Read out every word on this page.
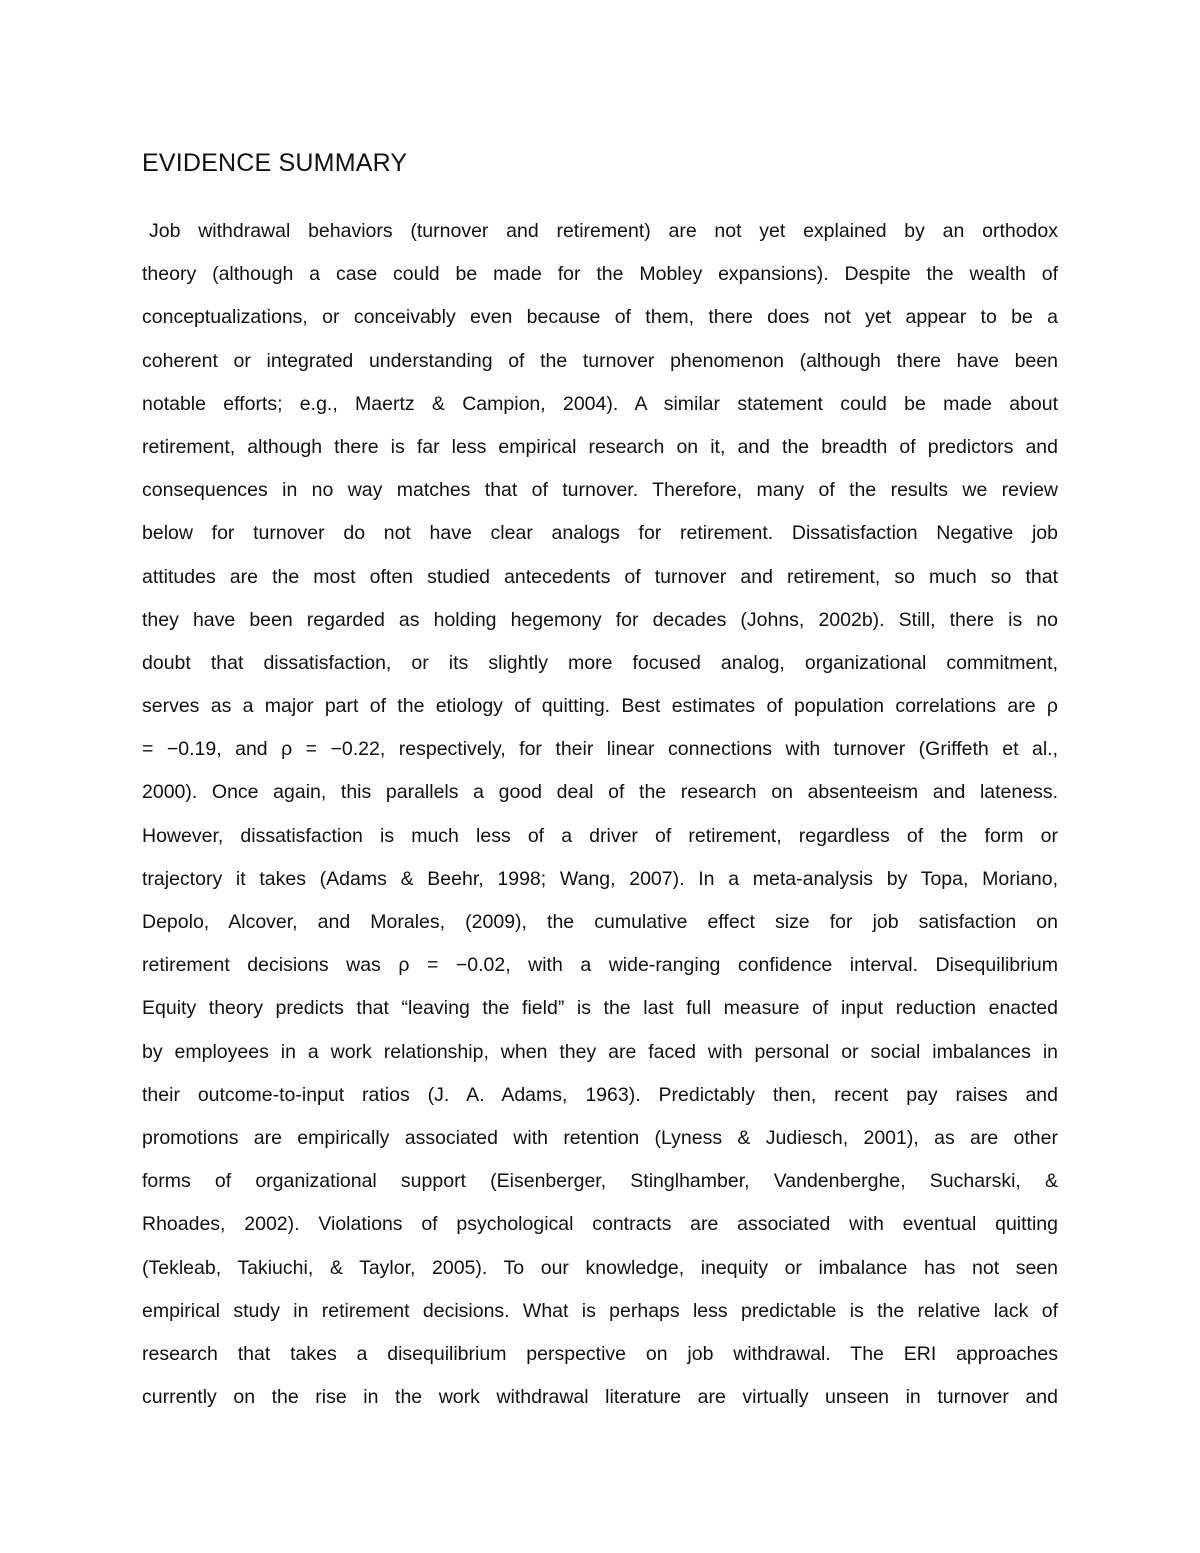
EVIDENCE SUMMARY
Job withdrawal behaviors (turnover and retirement) are not yet explained by an orthodox
theory (although a case could be made for the Mobley expansions). Despite the wealth of
conceptualizations, or conceivably even because of them, there does not yet appear to be a
coherent or integrated understanding of the turnover phenomenon (although there have been
notable efforts; e.g., Maertz & Campion, 2004). A similar statement could be made about
retirement, although there is far less empirical research on it, and the breadth of predictors and
consequences in no way matches that of turnover. Therefore, many of the results we review
below for turnover do not have clear analogs for retirement. Dissatisfaction Negative job
attitudes are the most often studied antecedents of turnover and retirement, so much so that
they have been regarded as holding hegemony for decades (Johns, 2002b). Still, there is no
doubt that dissatisfaction, or its slightly more focused analog, organizational commitment,
serves as a major part of the etiology of quitting. Best estimates of population correlations are ρ
= −0.19, and ρ = −0.22, respectively, for their linear connections with turnover (Griffeth et al.,
2000). Once again, this parallels a good deal of the research on absenteeism and lateness.
However, dissatisfaction is much less of a driver of retirement, regardless of the form or
trajectory it takes (Adams & Beehr, 1998; Wang, 2007). In a meta-analysis by Topa, Moriano,
Depolo, Alcover, and Morales, (2009), the cumulative effect size for job satisfaction on
retirement decisions was ρ = −0.02, with a wide-ranging confidence interval. Disequilibrium
Equity theory predicts that “leaving the field” is the last full measure of input reduction enacted
by employees in a work relationship, when they are faced with personal or social imbalances in
their outcome-to-input ratios (J. A. Adams, 1963). Predictably then, recent pay raises and
promotions are empirically associated with retention (Lyness & Judiesch, 2001), as are other
forms of organizational support (Eisenberger, Stinglhamber, Vandenberghe, Sucharski, &
Rhoades, 2002). Violations of psychological contracts are associated with eventual quitting
(Tekleab, Takiuchi, & Taylor, 2005). To our knowledge, inequity or imbalance has not seen
empirical study in retirement decisions. What is perhaps less predictable is the relative lack of
research that takes a disequilibrium perspective on job withdrawal. The ERI approaches
currently on the rise in the work withdrawal literature are virtually unseen in turnover and
